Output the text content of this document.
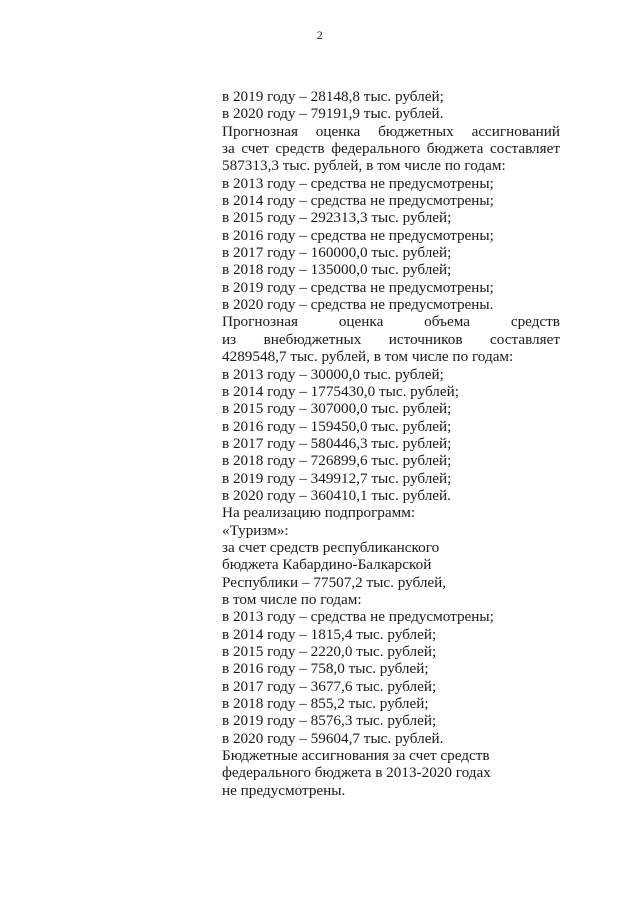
2
в 2019 году – 28148,8 тыс. рублей;
в 2020 году – 79191,9 тыс. рублей.
Прогнозная оценка бюджетных ассигнований
за счет средств федерального бюджета составляет
587313,3 тыс. рублей, в том числе по годам:
в 2013 году – средства не предусмотрены;
в 2014 году – средства не предусмотрены;
в 2015 году – 292313,3 тыс. рублей;
в 2016 году – средства не предусмотрены;
в 2017 году – 160000,0 тыс. рублей;
в 2018 году – 135000,0 тыс. рублей;
в 2019 году – средства не предусмотрены;
в 2020 году – средства не предусмотрены.
Прогнозная	оценка	объема	средств
из внебюджетных источников составляет
4289548,7 тыс. рублей, в том числе по годам:
в 2013 году – 30000,0 тыс. рублей;
в 2014 году – 1775430,0 тыс. рублей;
в 2015 году – 307000,0 тыс. рублей;
в 2016 году – 159450,0 тыс. рублей;
в 2017 году – 580446,3 тыс. рублей;
в 2018 году – 726899,6 тыс. рублей;
в 2019 году – 349912,7 тыс. рублей;
в 2020 году – 360410,1 тыс. рублей.
На реализацию подпрограмм:
«Туризм»:
за счет средств республиканского
бюджета Кабардино-Балкарской
Республики – 77507,2 тыс. рублей,
в том числе по годам:
в 2013 году – средства не предусмотрены;
в 2014 году – 1815,4 тыс. рублей;
в 2015 году – 2220,0 тыс. рублей;
в 2016 году – 758,0 тыс. рублей;
в 2017 году – 3677,6 тыс. рублей;
в 2018 году – 855,2 тыс. рублей;
в 2019 году – 8576,3 тыс. рублей;
в 2020 году – 59604,7 тыс. рублей.
Бюджетные ассигнования за счет средств
федерального бюджета в 2013-2020 годах
не предусмотрены.
